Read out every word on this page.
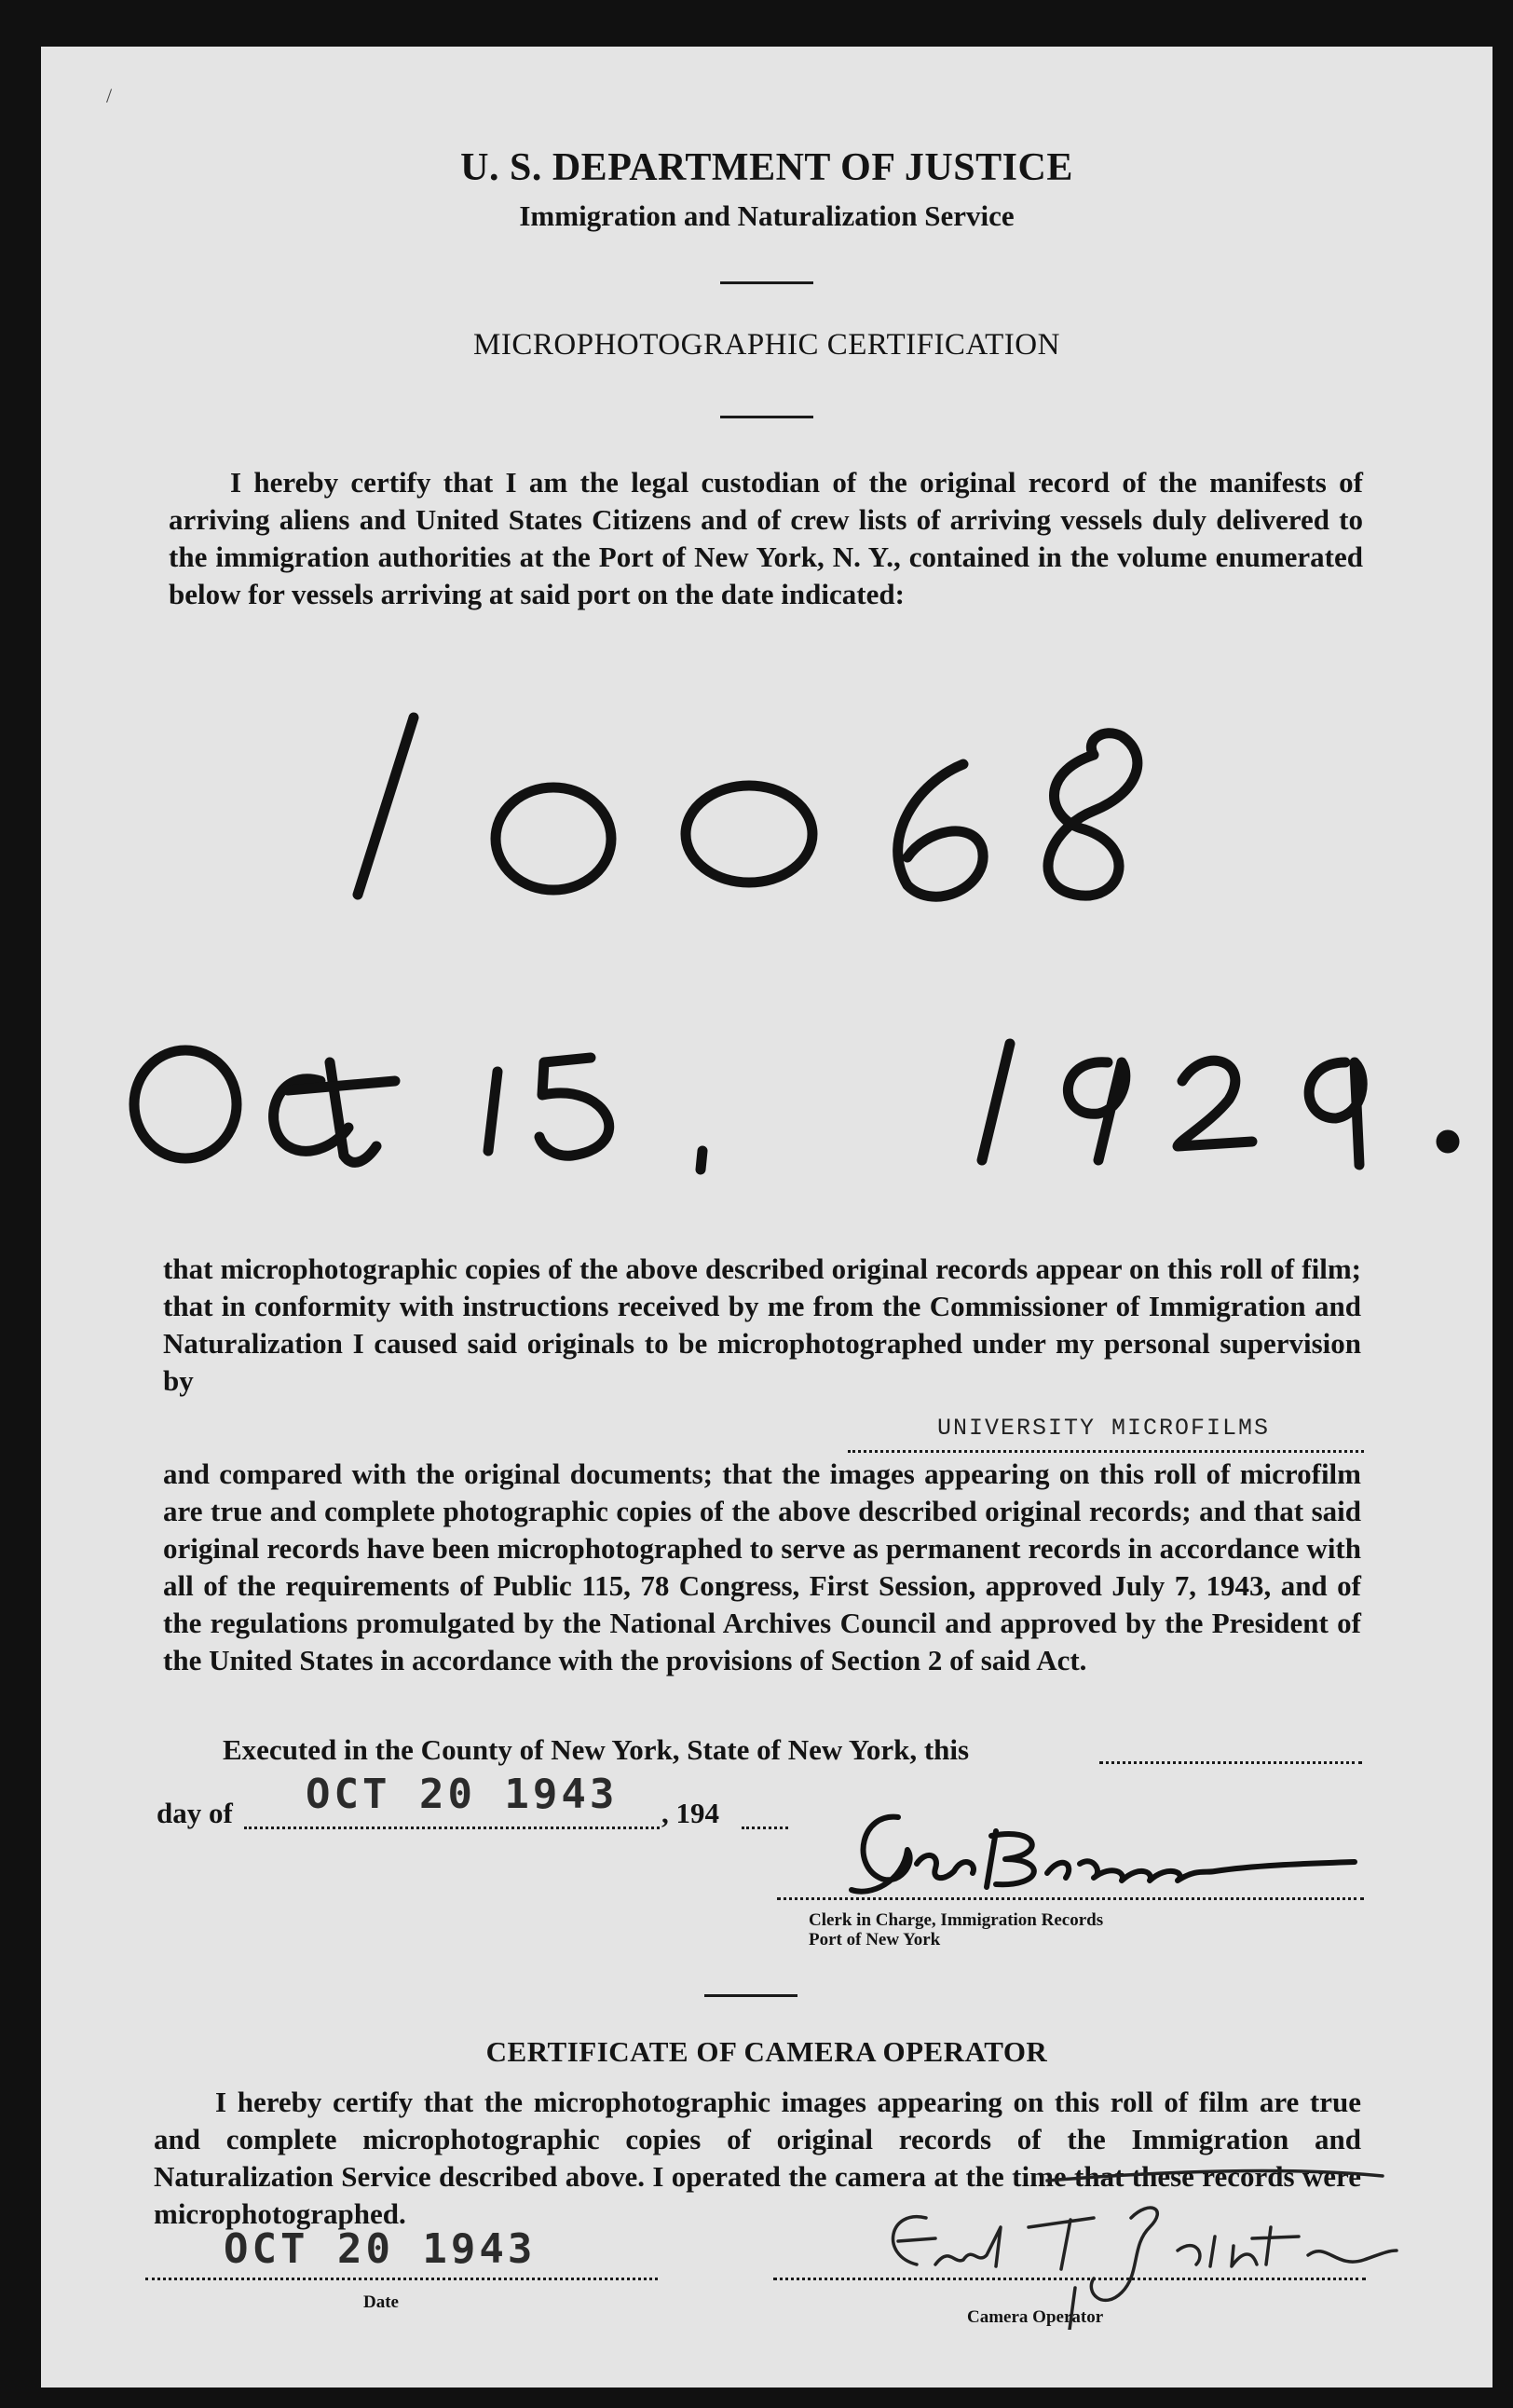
/
U. S. DEPARTMENT OF JUSTICE
Immigration and Naturalization Service
MICROPHOTOGRAPHIC CERTIFICATION

I hereby certify that I am the legal custodian of the original record of the manifests of arriving aliens and United States Citizens and of crew lists of arriving vessels duly delivered to the immigration authorities at the Port of New York, N. Y., contained in the volume enumerated below for vessels arriving at said port on the date indicated:

that microphotographic copies of the above described original records appear on this roll of film; that in conformity with instructions received by me from the Commissioner of Immigration and Naturalization I caused said originals to be microphotographed under my personal supervision by

UNIVERSITY MICROFILMS

and compared with the original documents; that the images appearing on this roll of microfilm are true and complete photographic copies of the above described original records; and that said original records have been microphotographed to serve as permanent records in accordance with all of the requirements of Public 115, 78 Congress, First Session, approved July 7, 1943, and of the regulations promulgated by the National Archives Council and approved by the President of the United States in accordance with the provisions of Section 2 of said Act.

Executed in the County of New York, State of New York, this
day of OCT 20 1943 , 194
Clerk in Charge, Immigration Records
Port of New York
CERTIFICATE OF CAMERA OPERATOR

I hereby certify that the microphotographic images appearing on this roll of film are true and complete microphotographic copies of original records of the Immigration and Naturalization Service described above. I operated the camera at the time that these records were microphotographed.

OCT 20 1943
Date
Camera Operator
